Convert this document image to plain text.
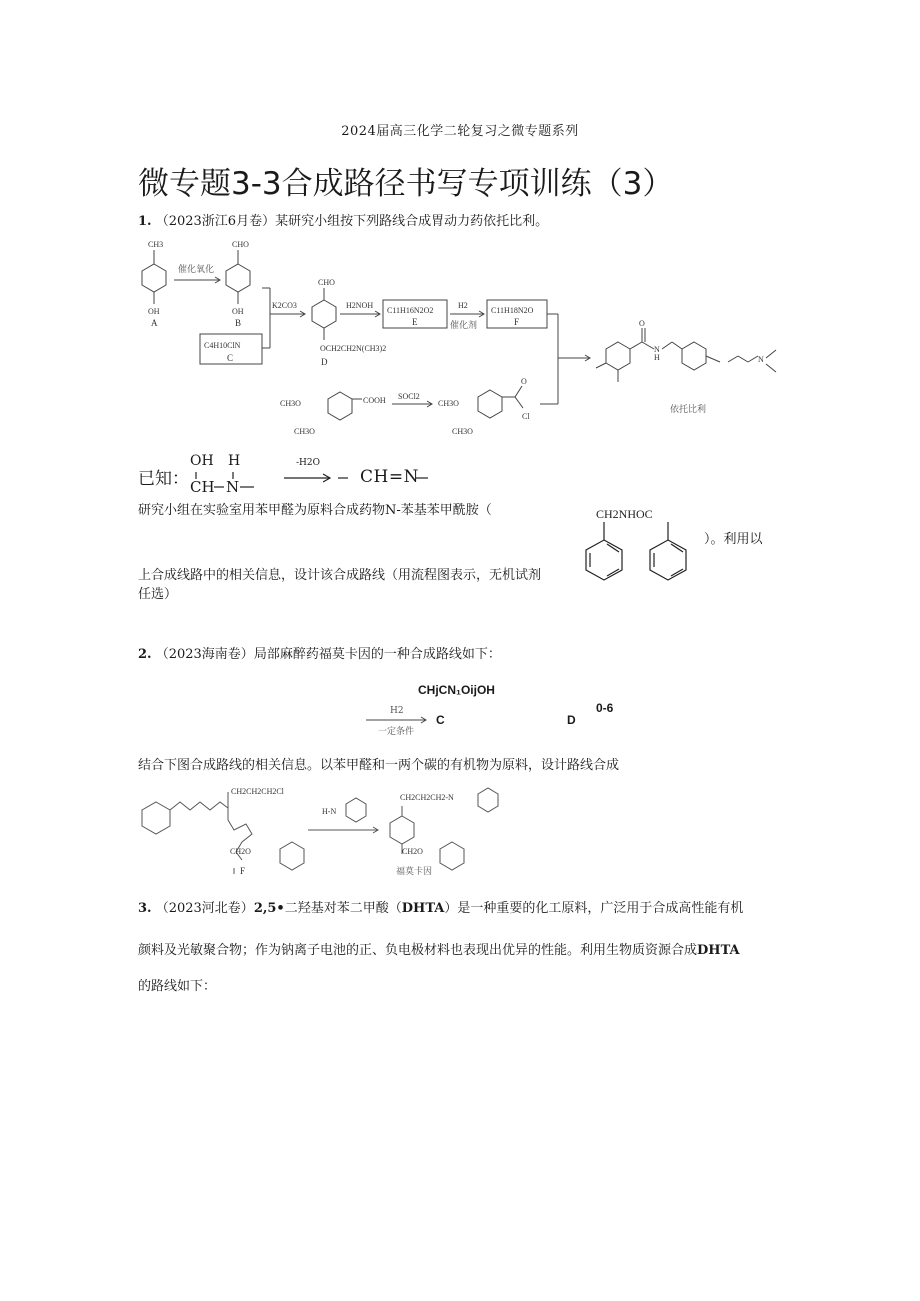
2024届高三化学二轮复习之微专题系列
微专题3-3合成路径书写专项训练（3）
1. （2023浙江6月卷）某研究小组按下列路线合成胃动力药依托比利。
CH3
OH
A
催化氧化
CHO
OH
B
C4H10ClN
C
K2CO3
CHO
OCH2CH2N(CH3)2
D
H2NOH
C11H16N2O2
E
H2
催化剂
C11H18N2O
F
CH3O
CH3O
COOH SOCl2
CH3O
CH3O
O
Cl
O
N
H	N
依托比利
已知：
OH H
CH N
-H2O
CH=N
研究小组在实验室用苯甲醛为原料合成药物N-苯基苯甲酰胺（
）。利用以
上合成线路中的相关信息，设计该合成路线（用流程图表示，无机试剂
任选）
CH2NHOC
2. （2023海南卷）局部麻醉药福莫卡因的一种合成路线如下：
CHjCN₁OijOH
H2
一定条件
C	D
0-6
结合下图合成路线的相关信息。以苯甲醛和一两个碳的有机物为原料，设计路线合成
CH2CH2CH2Cl
CH2O
F
H-N
CH2CH2CH2-N
CH2O
福莫卡因
3. （2023河北卷）2,5•二羟基对苯二甲酸（DHTA）是一种重要的化工原料，广泛用于合成高性能有机
颜料及光敏聚合物；作为钠离子电池的正、负电极材料也表现出优异的性能。利用生物质资源合成DHTA
的路线如下：
